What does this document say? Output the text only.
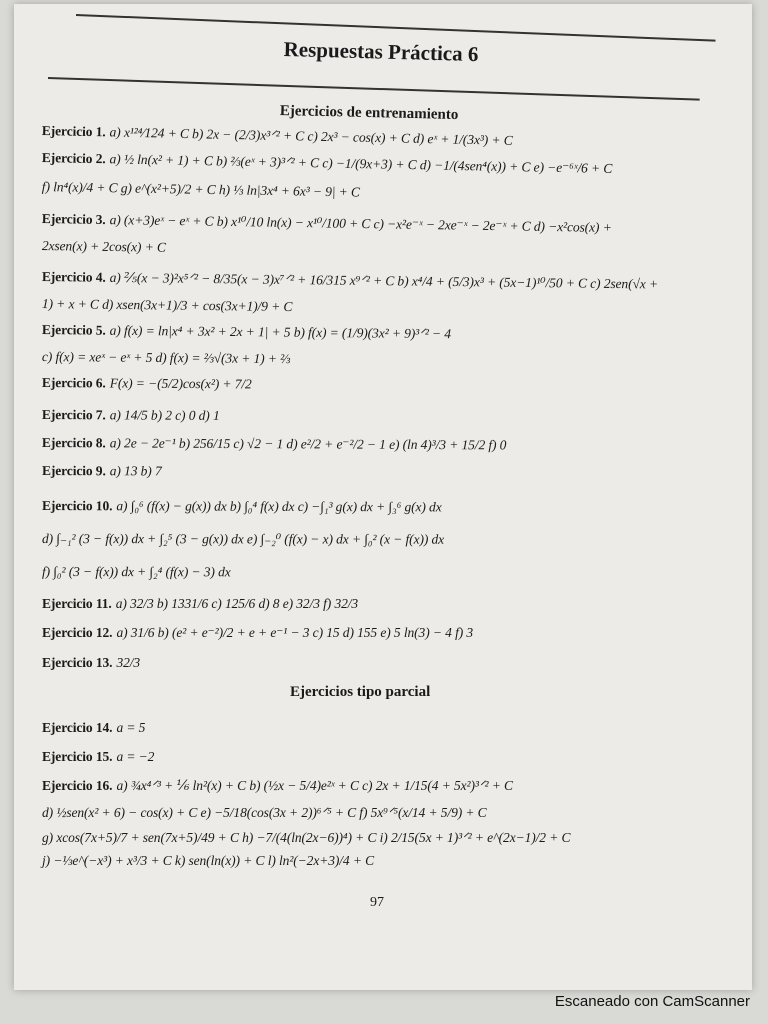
Respuestas Práctica 6
Ejercicios de entrenamiento
Ejercicio 1. a) x¹²⁴⁄124 + C b) 2x − (2/3)x³ᐟ² + C c) 2x³ − cos(x) + C d) eˣ + 1/(3x³) + C
Ejercicio 2. a) ½ ln(x² + 1) + C b) ⅔(eˣ + 3)³ᐟ² + C c) −1/(9x+3) + C d) −1/(4sen⁴(x)) + C e) −e⁻⁶ˣ/6 + C
f) ln⁴(x)/4 + C g) e^(x²+5)/2 + C h) ⅓ ln|3x⁴ + 6x³ − 9| + C
Ejercicio 3. a) (x+3)eˣ − eˣ + C b) x¹⁰/10 ln(x) − x¹⁰/100 + C c) −x²e⁻ˣ − 2xe⁻ˣ − 2e⁻ˣ + C d) −x²cos(x) +
2xsen(x) + 2cos(x) + C
Ejercicio 4. a) ⅖(x − 3)²x⁵ᐟ² − 8/35(x − 3)x⁷ᐟ² + 16/315 x⁹ᐟ² + C b) x⁴/4 + (5/3)x³ + (5x−1)¹⁰/50 + C c) 2sen(√x +
1) + x + C d) xsen(3x+1)/3 + cos(3x+1)/9 + C
Ejercicio 5. a) f(x) = ln|x⁴ + 3x² + 2x + 1| + 5 b) f(x) = (1/9)(3x² + 9)³ᐟ² − 4
c) f(x) = xeˣ − eˣ + 5 d) f(x) = ⅔√(3x + 1) + ⅔
Ejercicio 6. F(x) = −(5/2)cos(x²) + 7/2
Ejercicio 7. a) 14/5 b) 2 c) 0 d) 1
Ejercicio 8. a) 2e − 2e⁻¹ b) 256/15 c) √2 − 1 d) e²/2 + e⁻²/2 − 1 e) (ln 4)³/3 + 15/2 f) 0
Ejercicio 9. a) 13 b) 7
Ejercicio 10. a) ∫₀⁶ (f(x) − g(x)) dx b) ∫₀⁴ f(x) dx c) −∫₁³ g(x) dx + ∫₃⁶ g(x) dx
d) ∫₋₁² (3 − f(x)) dx + ∫₂⁵ (3 − g(x)) dx e) ∫₋₂⁰ (f(x) − x) dx + ∫₀² (x − f(x)) dx
f) ∫₀² (3 − f(x)) dx + ∫₂⁴ (f(x) − 3) dx
Ejercicio 11. a) 32/3 b) 1331/6 c) 125/6 d) 8 e) 32/3 f) 32/3
Ejercicio 12. a) 31/6 b) (e² + e⁻²)/2 + e + e⁻¹ − 3 c) 15 d) 155 e) 5 ln(3) − 4 f) 3
Ejercicio 13. 32/3
Ejercicio 14. a = 5
Ejercicio 15. a = −2
Ejercicio 16. a) ¾x⁴ᐟ³ + ⅙ ln²(x) + C b) (½x − 5/4)e²ˣ + C c) 2x + 1/15(4 + 5x²)³ᐟ² + C
d) ½sen(x² + 6) − cos(x) + C e) −5/18(cos(3x + 2))⁶ᐟ⁵ + C f) 5x⁹ᐟ⁵(x/14 + 5/9) + C
g) xcos(7x+5)/7 + sen(7x+5)/49 + C h) −7/(4(ln(2x−6))⁴) + C i) 2/15(5x + 1)³ᐟ² + e^(2x−1)/2 + C
j) −⅓e^(−x³) + x³/3 + C k) sen(ln(x)) + C l) ln²(−2x+3)/4 + C
Ejercicios tipo parcial
97
Escaneado con CamScanner
